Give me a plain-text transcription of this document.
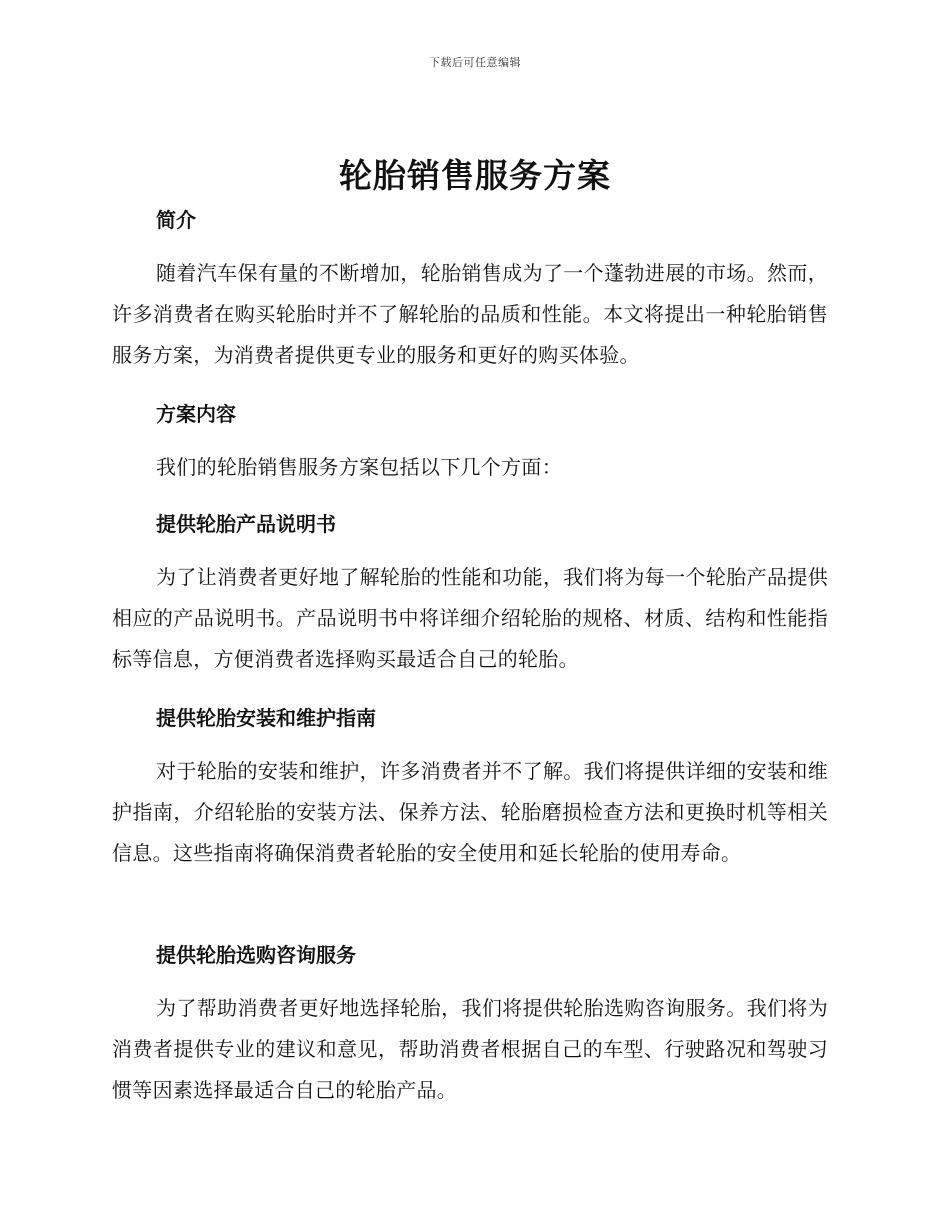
下载后可任意编辑
轮胎销售服务方案
简介

随着汽车保有量的不断增加，轮胎销售成为了一个蓬勃进展的市场。然而，许多消费者在购买轮胎时并不了解轮胎的品质和性能。本文将提出一种轮胎销售服务方案，为消费者提供更专业的服务和更好的购买体验。

方案内容

我们的轮胎销售服务方案包括以下几个方面：

提供轮胎产品说明书

为了让消费者更好地了解轮胎的性能和功能，我们将为每一个轮胎产品提供相应的产品说明书。产品说明书中将详细介绍轮胎的规格、材质、结构和性能指标等信息，方便消费者选择购买最适合自己的轮胎。

提供轮胎安装和维护指南

对于轮胎的安装和维护，许多消费者并不了解。我们将提供详细的安装和维护指南，介绍轮胎的安装方法、保养方法、轮胎磨损检查方法和更换时机等相关信息。这些指南将确保消费者轮胎的安全使用和延长轮胎的使用寿命。

提供轮胎选购咨询服务

为了帮助消费者更好地选择轮胎，我们将提供轮胎选购咨询服务。我们将为消费者提供专业的建议和意见，帮助消费者根据自己的车型、行驶路况和驾驶习惯等因素选择最适合自己的轮胎产品。
